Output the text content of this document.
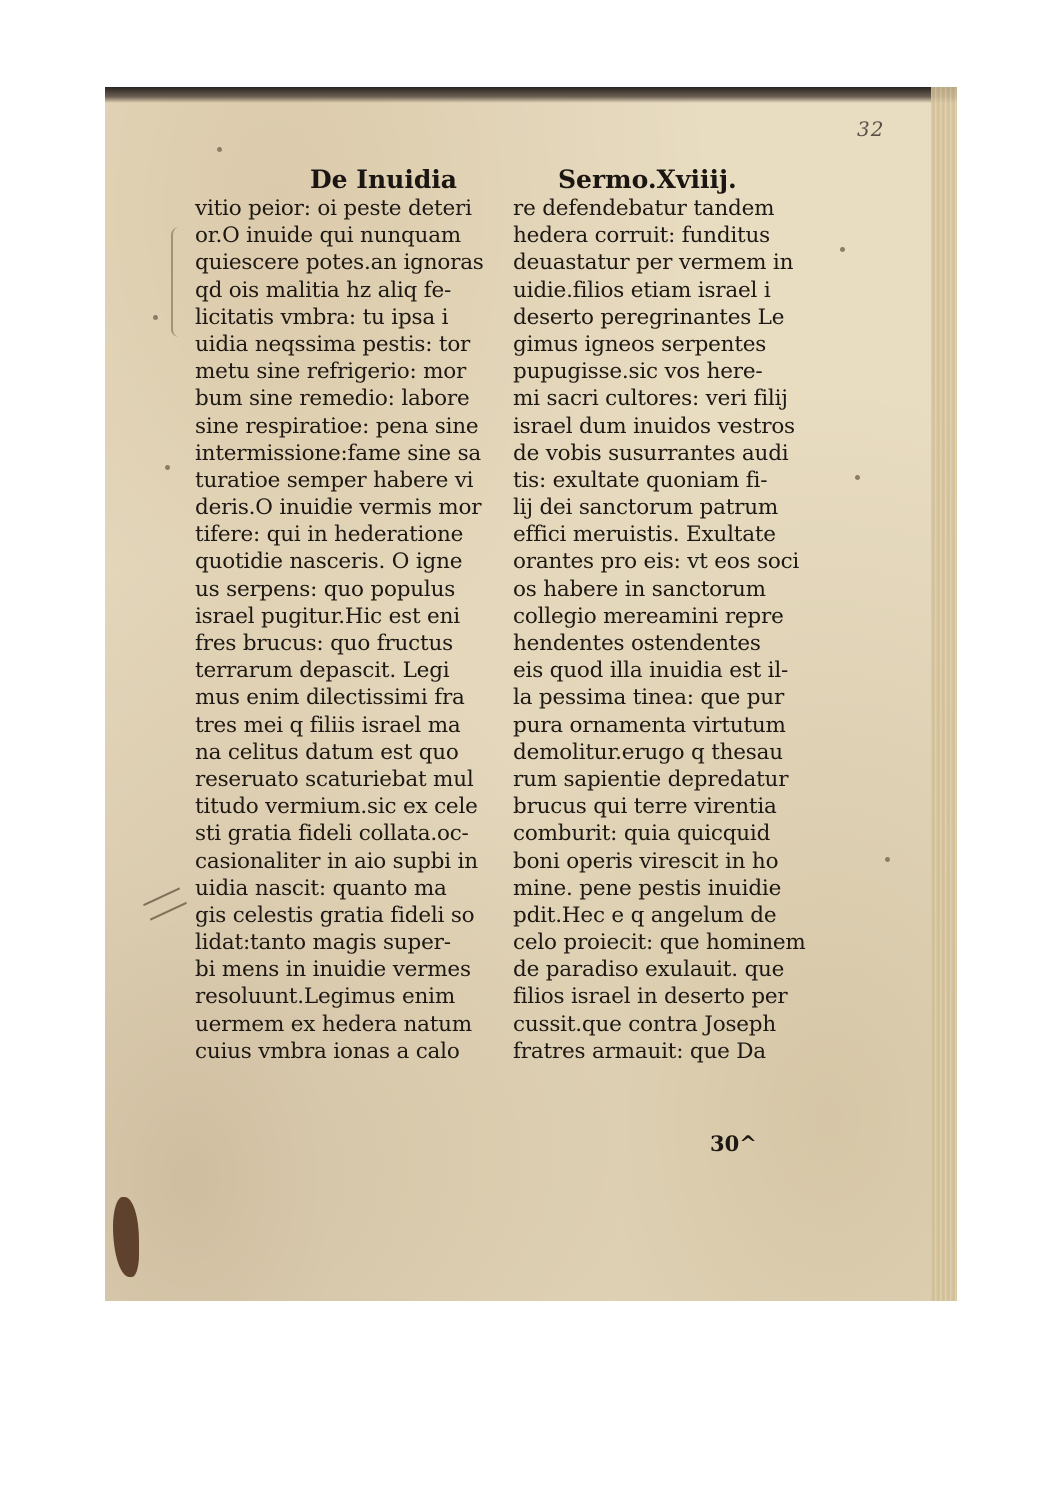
32
De Inuidia	Sermo.Xviiij.
vitio peior: oi peste deteri
or.O inuide qui nunquam
quiescere potes.an ignoras
qd ois malitia hz aliq fe-
licitatis vmbra: tu ipsa i
uidia neqssima pestis: tor
metu sine refrigerio: mor
bum sine remedio: labore
sine respiratioe: pena sine
intermissione:fame sine sa
turatioe semper habere vi
deris.O inuidie vermis mor
tifere: qui in hederatione
quotidie nasceris. O igne
us serpens: quo populus
israel pugitur.Hic est eni
fres brucus: quo fructus
terrarum depascit. Legi
mus enim dilectissimi fra
tres mei q filiis israel ma
na celitus datum est quo
reseruato scaturiebat mul
titudo vermium.sic ex cele
sti gratia fideli collata.oc-
casionaliter in aio supbi in
uidia nascit: quanto ma
gis celestis gratia fideli so
lidat:tanto magis super-
bi mens in inuidie vermes
resoluunt.Legimus enim
uermem ex hedera natum
cuius vmbra ionas a calo
re defendebatur tandem
hedera corruit: funditus
deuastatur per vermem in
uidie.filios etiam israel i
deserto peregrinantes Le
gimus igneos serpentes
pupugisse.sic vos here-
mi sacri cultores: veri filij
israel dum inuidos vestros
de vobis susurrantes audi
tis: exultate quoniam fi-
lij dei sanctorum patrum
effici meruistis. Exultate
orantes pro eis: vt eos soci
os habere in sanctorum
collegio mereamini repre
hendentes ostendentes
eis quod illa inuidia est il-
la pessima tinea: que pur
pura ornamenta virtutum
demolitur.erugo q thesau
rum sapientie depredatur
brucus qui terre virentia
comburit: quia quicquid
boni operis virescit in ho
mine. pene pestis inuidie
pdit.Hec e q angelum de
celo proiecit: que hominem
de paradiso exulauit. que
filios israel in deserto per
cussit.que contra Joseph
fratres armauit: que Da
30^
